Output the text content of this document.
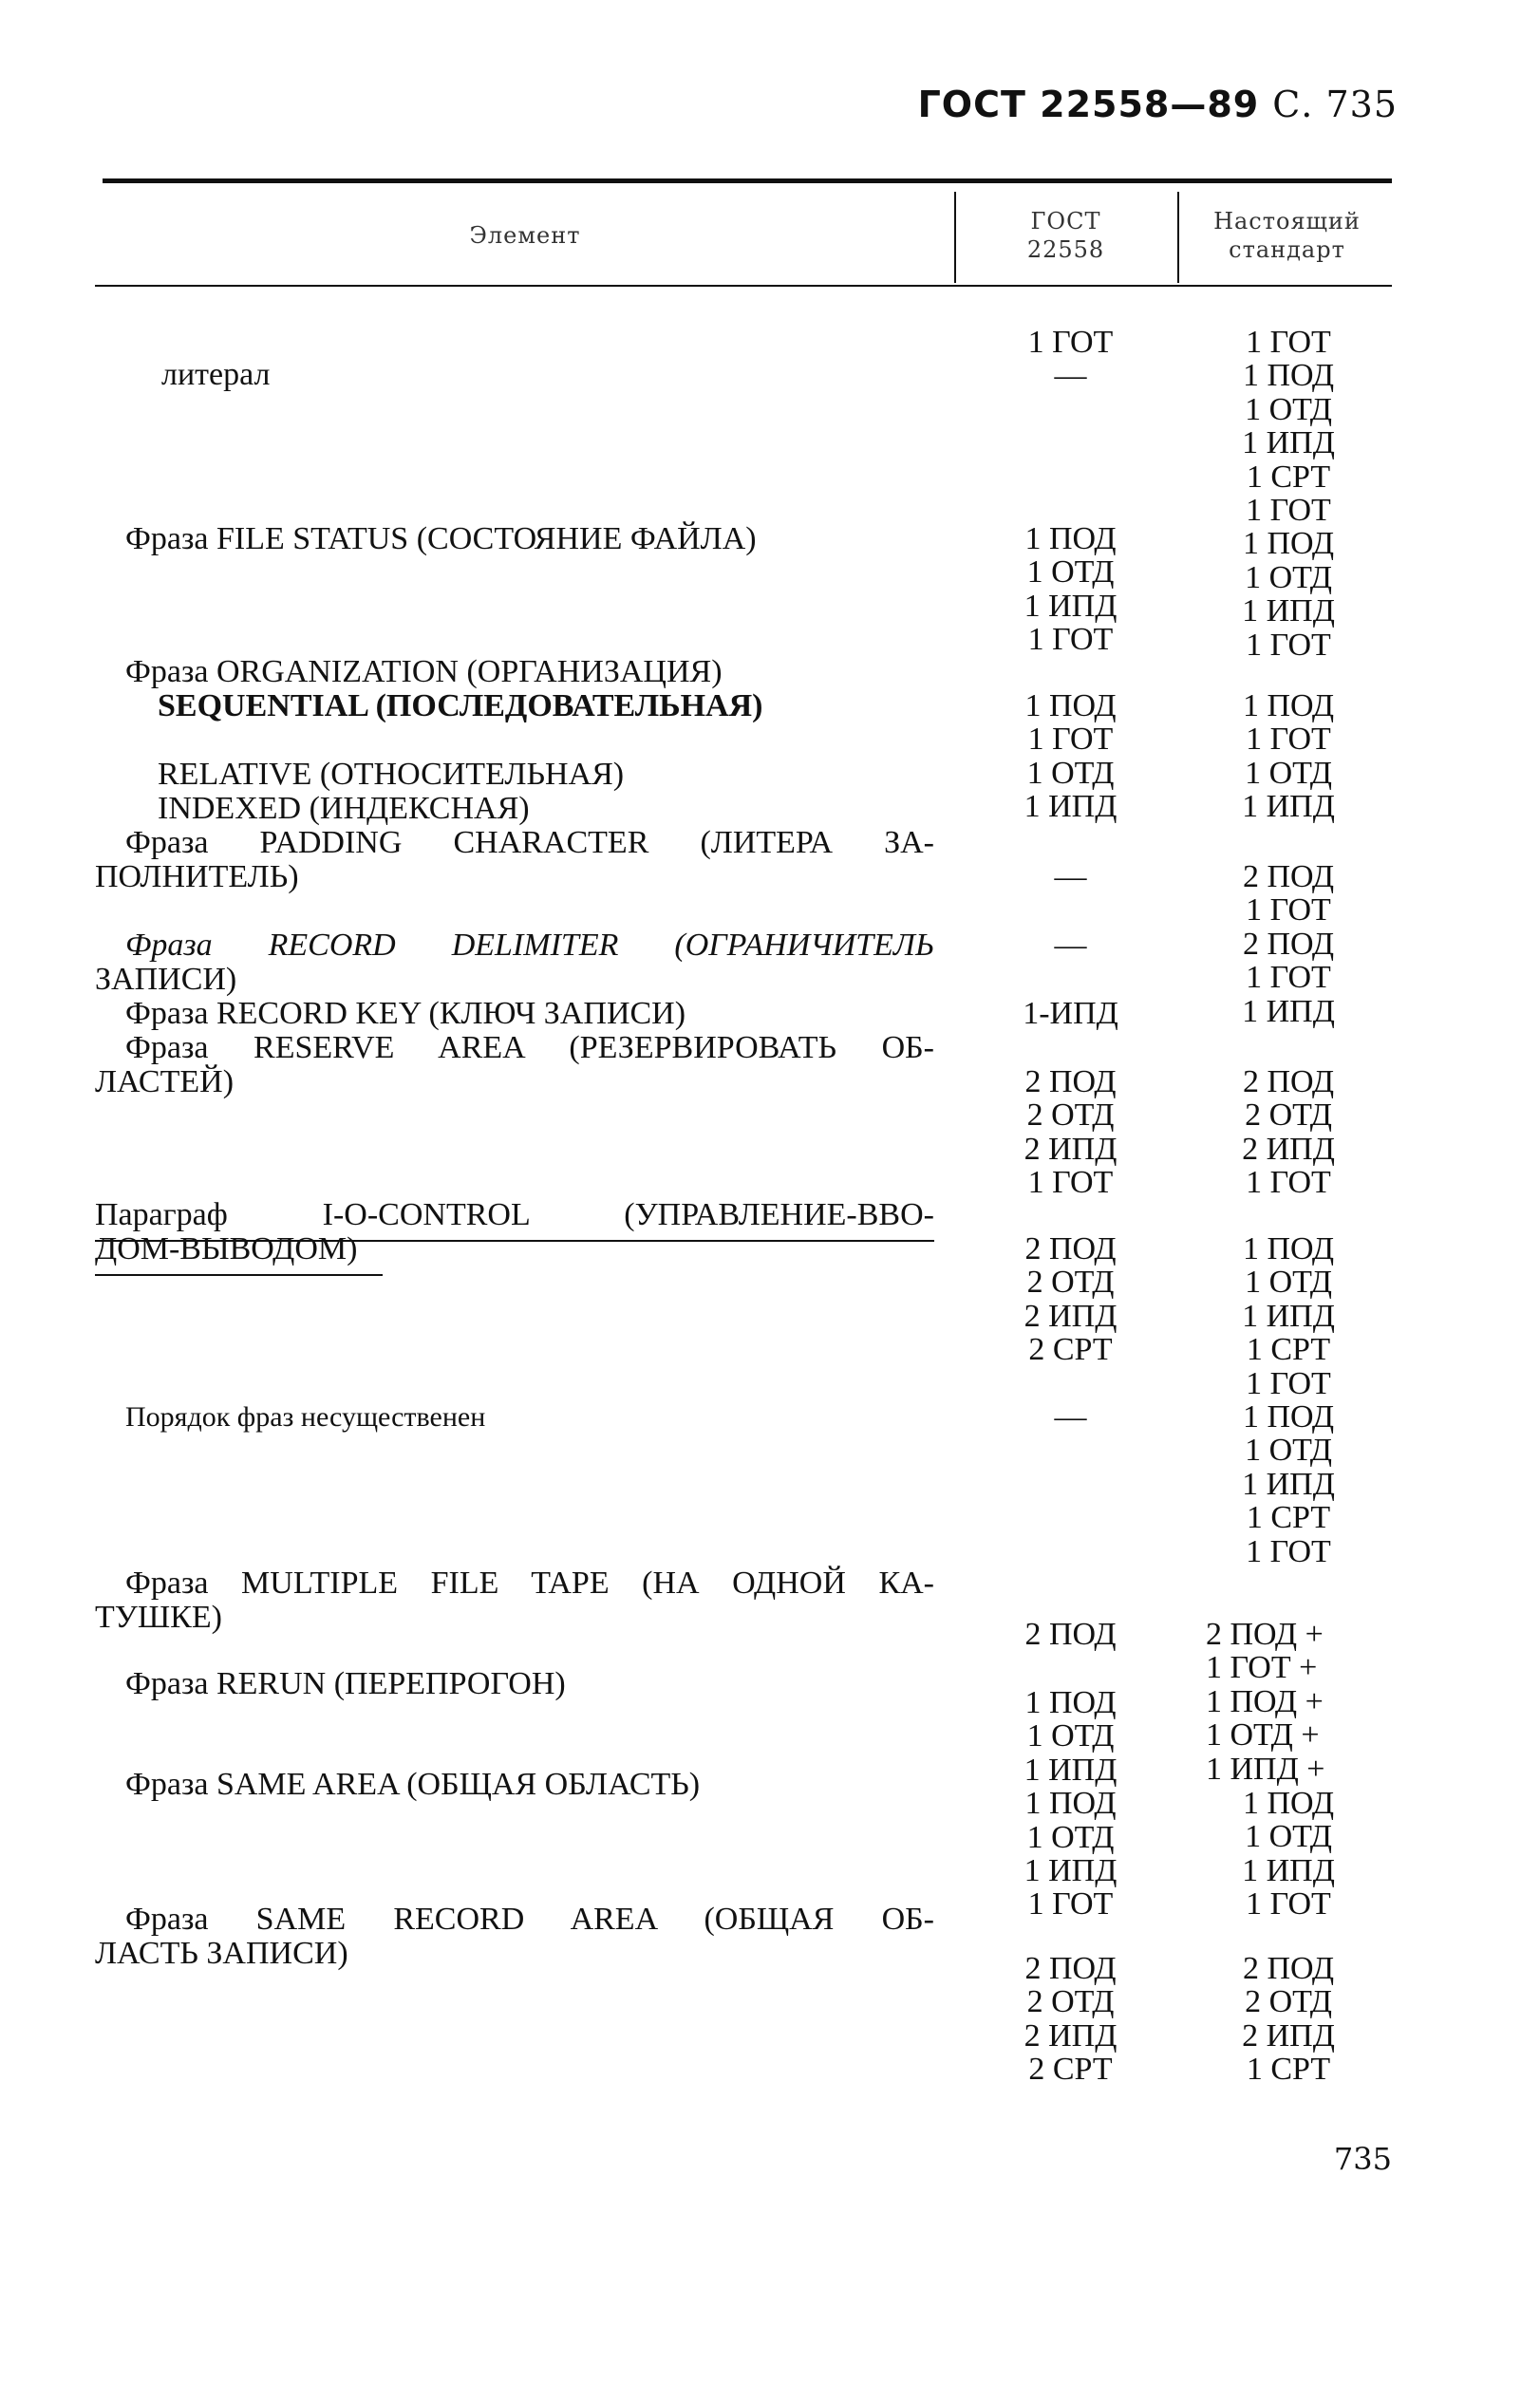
ГОСТ 22558—89 С. 735
Элемент
ГОСТ
22558
Настоящий
стандарт
литерал
Фраза FILE STATUS (СОСТОЯНИЕ ФАЙЛА)
Фраза ORGANIZATION (ОРГАНИЗАЦИЯ)
SEQUENTIAL (ПОСЛЕДОВАТЕЛЬНАЯ)
RELATIVE (ОТНОСИТЕЛЬНАЯ)
INDEXED (ИНДЕКСНАЯ)
Фраза PADDING CHARACTER (ЛИТЕРА ЗА-
ПОЛНИТЕЛЬ)
Фраза RECORD DELIMITER (ОГРАНИЧИТЕЛЬ
ЗАПИСИ)
Фраза RECORD KEY (КЛЮЧ ЗАПИСИ)
Фраза RESERVE AREA (РЕЗЕРВИРОВАТЬ ОБ-
ЛАСТЕЙ)
Параграф I-O-CONTROL (УПРАВЛЕНИЕ-ВВО-
ДОМ-ВЫВОДОМ)
Порядок фраз несущественен
Фраза MULTIPLE FILE TAPE (НА ОДНОЙ КА-
ТУШКЕ)
Фраза RERUN (ПЕРЕПРОГОН)
Фраза SAME AREA (ОБЩАЯ ОБЛАСТЬ)
Фраза SAME RECORD AREA (ОБЩАЯ ОБ-
ЛАСТЬ ЗАПИСИ)
1 ГОТ
—
1 ПОД
1 ОТД
1 ИПД
1 ГОТ
1 ПОД
1 ГОТ
1 ОТД
1 ИПД
—
—
1-ИПД
2 ПОД
2 ОТД
2 ИПД
1 ГОТ
2 ПОД
2 ОТД
2 ИПД
2 СРТ
—
2 ПОД
1 ПОД
1 ОТД
1 ИПД
1 ПОД
1 ОТД
1 ИПД
1 ГОТ
2 ПОД
2 ОТД
2 ИПД
2 СРТ
1 ГОТ
1 ПОД
1 ОТД
1 ИПД
1 СРТ
1 ГОТ
1 ПОД
1 ОТД
1 ИПД
1 ГОТ
1 ПОД
1 ГОТ
1 ОТД
1 ИПД
2 ПОД
1 ГОТ
2 ПОД
1 ГОТ
1 ИПД
2 ПОД
2 ОТД
2 ИПД
1 ГОТ
1 ПОД
1 ОТД
1 ИПД
1 СРТ
1 ГОТ
1 ПОД
1 ОТД
1 ИПД
1 СРТ
1 ГОТ
2 ПОД +
1 ГОТ +
1 ПОД +
1 ОТД +
1 ИПД +
1 ПОД
1 ОТД
1 ИПД
1 ГОТ
2 ПОД
2 ОТД
2 ИПД
1 СРТ
735
